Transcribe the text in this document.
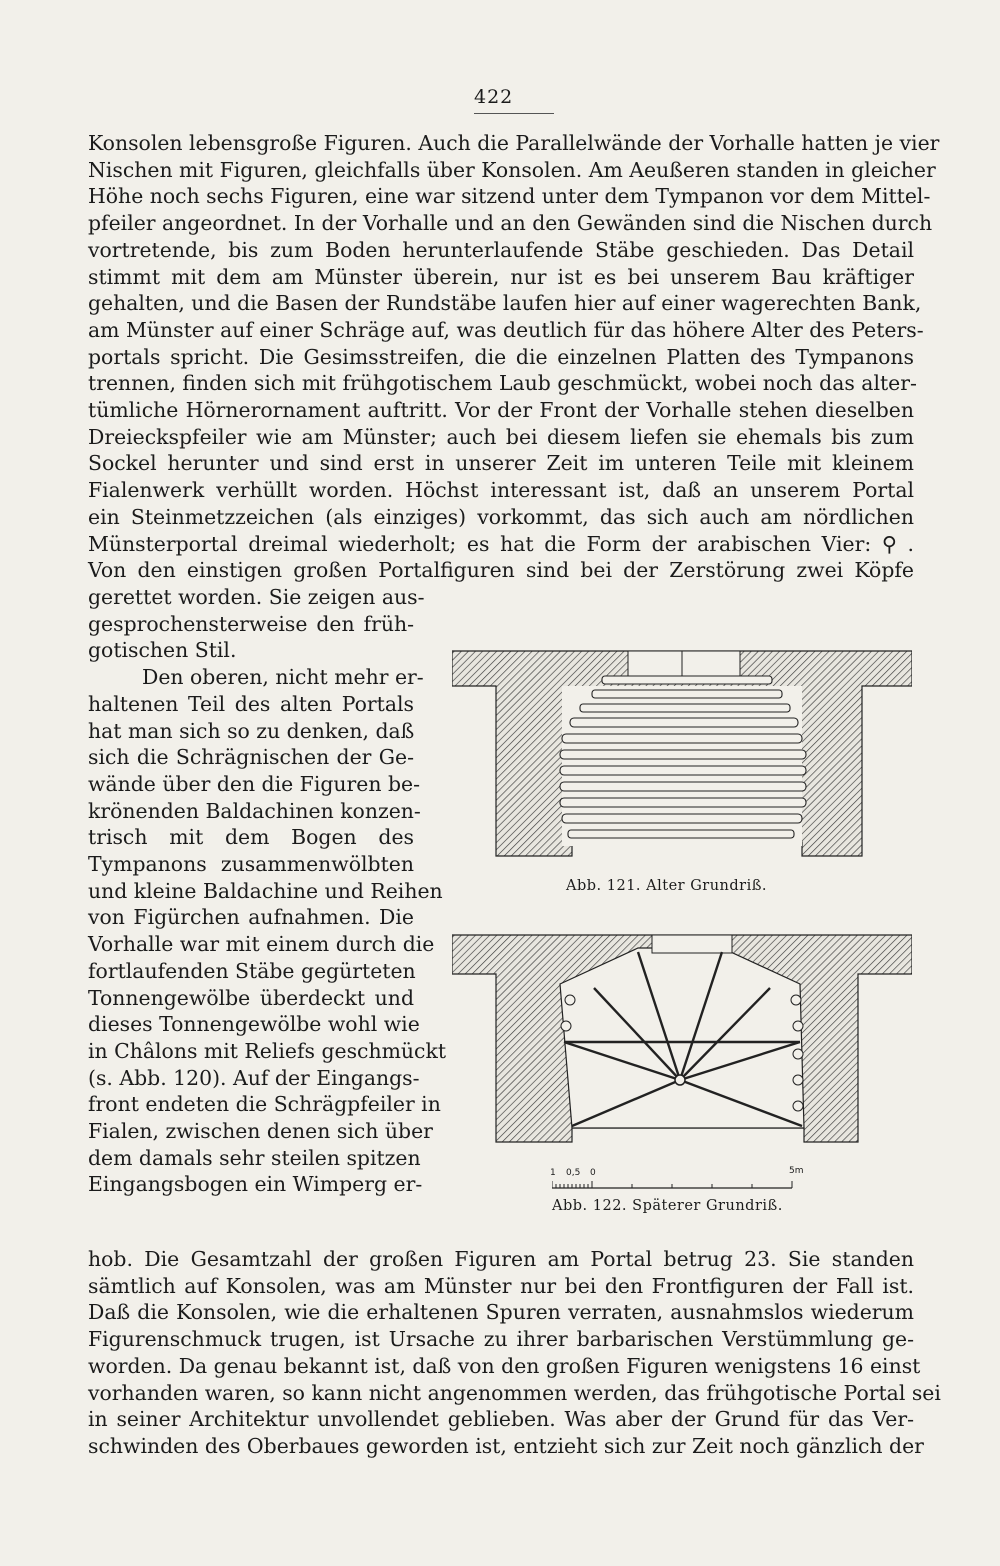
422
Konsolen lebensgroße Figuren. Auch die Parallelwände der Vorhalle hatten je vier
Nischen mit Figuren, gleichfalls über Konsolen. Am Aeußeren standen in gleicher
Höhe noch sechs Figuren, eine war sitzend unter dem Tympanon vor dem Mittel-
pfeiler angeordnet. In der Vorhalle und an den Gewänden sind die Nischen durch
vortretende, bis zum Boden herunterlaufende Stäbe geschieden. Das Detail
stimmt mit dem am Münster überein, nur ist es bei unserem Bau kräftiger
gehalten, und die Basen der Rundstäbe laufen hier auf einer wagerechten Bank,
am Münster auf einer Schräge auf, was deutlich für das höhere Alter des Peters-
portals spricht. Die Gesimsstreifen, die die einzelnen Platten des Tympanons
trennen, finden sich mit frühgotischem Laub geschmückt, wobei noch das alter-
tümliche Hörnerornament auftritt. Vor der Front der Vorhalle stehen dieselben
Dreieckspfeiler wie am Münster; auch bei diesem liefen sie ehemals bis zum
Sockel herunter und sind erst in unserer Zeit im unteren Teile mit kleinem
Fialenwerk verhüllt worden. Höchst interessant ist, daß an unserem Portal
ein Steinmetzzeichen (als einziges) vorkommt, das sich auch am nördlichen
Münsterportal dreimal wiederholt; es hat die Form der arabischen Vier: ⚲ .
Von den einstigen großen Portalfiguren sind bei der Zerstörung zwei Köpfe
gerettet worden. Sie zeigen aus-
gesprochensterweise den früh-
gotischen Stil.
Den oberen, nicht mehr er-
haltenen Teil des alten Portals
hat man sich so zu denken, daß
sich die Schrägnischen der Ge-
wände über den die Figuren be-
krönenden Baldachinen konzen-
trisch mit dem Bogen des
Tympanons zusammenwölbten
und kleine Baldachine und Reihen
von Figürchen aufnahmen. Die
Vorhalle war mit einem durch die
fortlaufenden Stäbe gegürteten
Tonnengewölbe überdeckt und
dieses Tonnengewölbe wohl wie
in Châlons mit Reliefs geschmückt
(s. Abb. 120). Auf der Eingangs-
front endeten die Schrägpfeiler in
Fialen, zwischen denen sich über
dem damals sehr steilen spitzen
Eingangsbogen ein Wimperg er-
hob. Die Gesamtzahl der großen Figuren am Portal betrug 23. Sie standen
sämtlich auf Konsolen, was am Münster nur bei den Frontfiguren der Fall ist.
Daß die Konsolen, wie die erhaltenen Spuren verraten, ausnahmslos wiederum
Figurenschmuck trugen, ist Ursache zu ihrer barbarischen Verstümmlung ge-
worden. Da genau bekannt ist, daß von den großen Figuren wenigstens 16 einst
vorhanden waren, so kann nicht angenommen werden, das frühgotische Portal sei
in seiner Architektur unvollendet geblieben. Was aber der Grund für das Ver-
schwinden des Oberbaues geworden ist, entzieht sich zur Zeit noch gänzlich der
Abb. 121. Alter Grundriß.
1 0,5 0	5m
Abb. 122. Späterer Grundriß.
